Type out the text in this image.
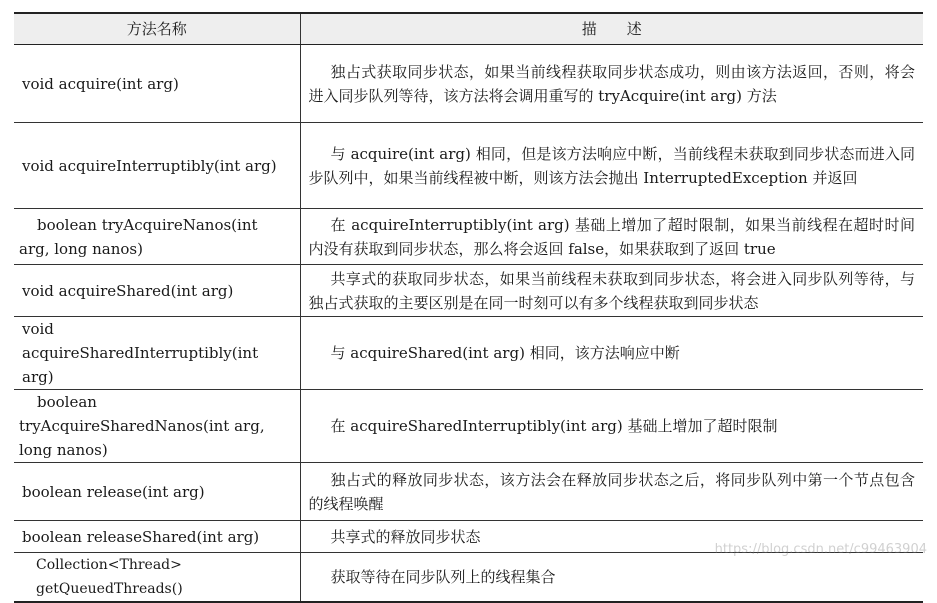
方法名称	描　　述
void acquire(int arg)	独占式获取同步状态，如果当前线程获取同步状态成功，则由该方法返回，否则，将会进入同步队列等待，该方法将会调用重写的 tryAcquire(int arg) 方法
void acquireInterruptibly(int arg)	与 acquire(int arg) 相同，但是该方法响应中断，当前线程未获取到同步状态而进入同步队列中，如果当前线程被中断，则该方法会抛出 InterruptedException 并返回
boolean tryAcquireNanos(int arg, long nanos)	在 acquireInterruptibly(int arg) 基础上增加了超时限制，如果当前线程在超时时间内没有获取到同步状态，那么将会返回 false，如果获取到了返回 true
void acquireShared(int arg)	共享式的获取同步状态，如果当前线程未获取到同步状态，将会进入同步队列等待，与独占式获取的主要区别是在同一时刻可以有多个线程获取到同步状态
void acquireSharedInterruptibly(int arg)	与 acquireShared(int arg) 相同，该方法响应中断
boolean tryAcquireSharedNanos(int arg, long nanos)	在 acquireSharedInterruptibly(int arg) 基础上增加了超时限制
boolean release(int arg)	独占式的释放同步状态，该方法会在释放同步状态之后，将同步队列中第一个节点包含的线程唤醒
boolean releaseShared(int arg)	共享式的释放同步状态
Collection<Thread> getQueuedThreads()	获取等待在同步队列上的线程集合
https://blog.csdn.net/c99463904
